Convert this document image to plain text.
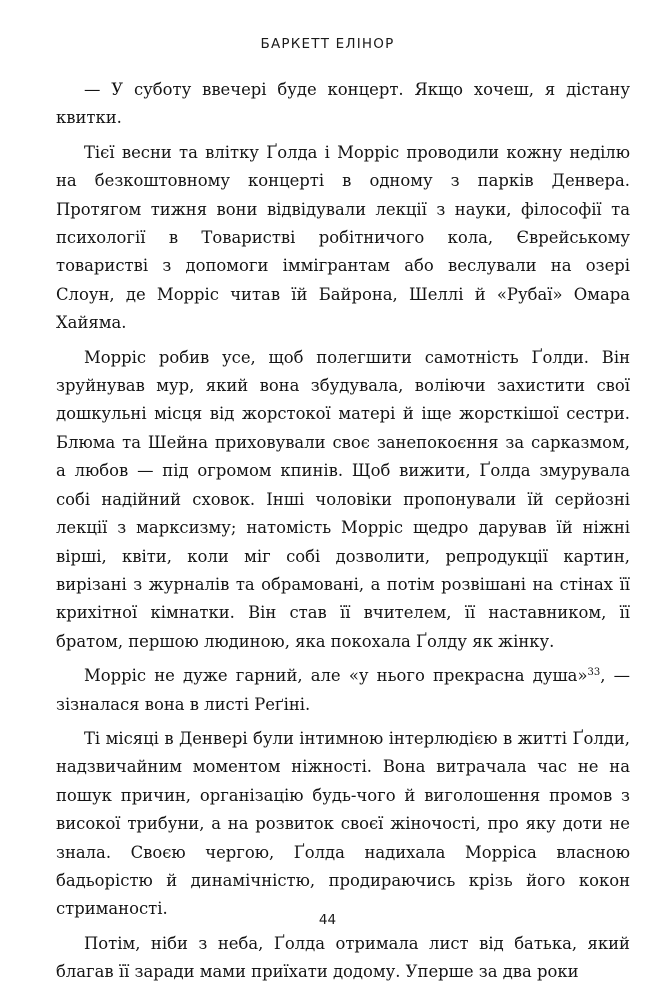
БАРКЕТТ ЕЛІНОР

— У суботу ввечері буде концерт. Якщо хочеш, я дістану квитки.

Тієї весни та влітку Ґолда і Морріс проводили кожну неділю на безкоштовному концерті в одному з парків Денвера. Протягом тижня вони відвідували лекції з науки, філософії та психології в Товаристві робітничого кола, Єврейському товаристві з допомоги іммігрантам або веслували на озері Слоун, де Морріс читав їй Байрона, Шеллі й «Рубаї» Омара Хайяма.

Морріс робив усе, щоб полегшити самотність Ґолди. Він зруйнував мур, який вона збудувала, воліючи захистити свої дошкульні місця від жорстокої матері й іще жорсткішої сестри. Блюма та Шейна приховували своє занепокоєння за сарказмом, а любов — під огромом кпинів. Щоб вижити, Ґолда змурувала собі надійний сховок. Інші чоловіки пропонували їй серйозні лекції з марксизму; натомість Морріс щедро дарував їй ніжні вірші, квіти, коли міг собі дозволити, репродукції картин, вирізані з журналів та обрамовані, а потім розвішані на стінах її крихітної кімнатки. Він став її вчителем, її наставником, її братом, першою людиною, яка покохала Ґолду як жінку.

Морріс не дуже гарний, але «у нього прекрасна душа»$^{33}$, — зізналася вона в листі Реґіні.

Ті місяці в Денвері були інтимною інтерлюдією в житті Ґолди, надзвичайним моментом ніжності. Вона витрачала час не на пошук причин, організацію будь-чого й виголошення промов з високої трибуни, а на розвиток своєї жіночості, про яку доти не знала. Своєю чергою, Ґолда надихала Морріса власною бадьорістю й динамічністю, продираючись крізь його кокон стриманості.

Потім, ніби з неба, Ґолда отримала лист від батька, який благав її заради мами приїхати додому. Уперше за два роки

44
